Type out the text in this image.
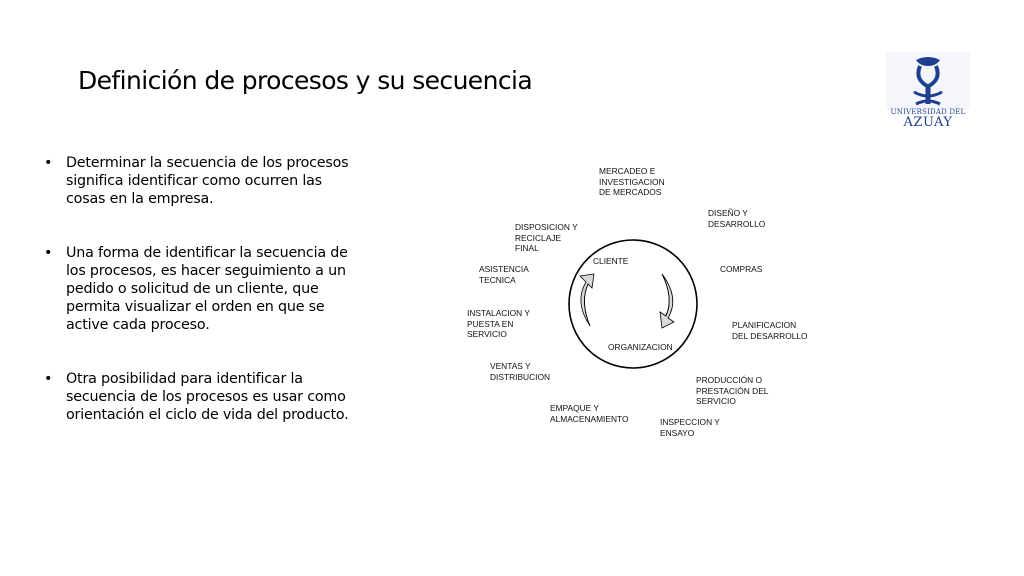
Definición de procesos y su secuencia
UNIVERSIDAD DEL
AZUAY
• Determinar la secuencia de los procesos significa identificar como ocurren las cosas en la empresa.
• Una forma de identificar la secuencia de los procesos, es hacer seguimiento a un pedido o solicitud de un cliente, que permita visualizar el orden en que se active cada proceso.
• Otra posibilidad para identificar la secuencia de los procesos es usar como orientación el ciclo de vida del producto.
CLIENTE
ORGANIZACION
MERCADEO E
INVESTIGACION
DE MERCADOS
DISEÑO Y
DESARROLLO
COMPRAS
PLANIFICACION
DEL DESARROLLO
PRODUCCIÓN O
PRESTACIÓN DEL
SERVICIO
INSPECCION Y
ENSAYO
EMPAQUE Y
ALMACENAMIENTO
VENTAS Y
DISTRIBUCION
INSTALACION Y
PUESTA EN
SERVICIO
ASISTENCIA
TECNICA
DISPOSICION Y
RECICLAJE
FINAL
